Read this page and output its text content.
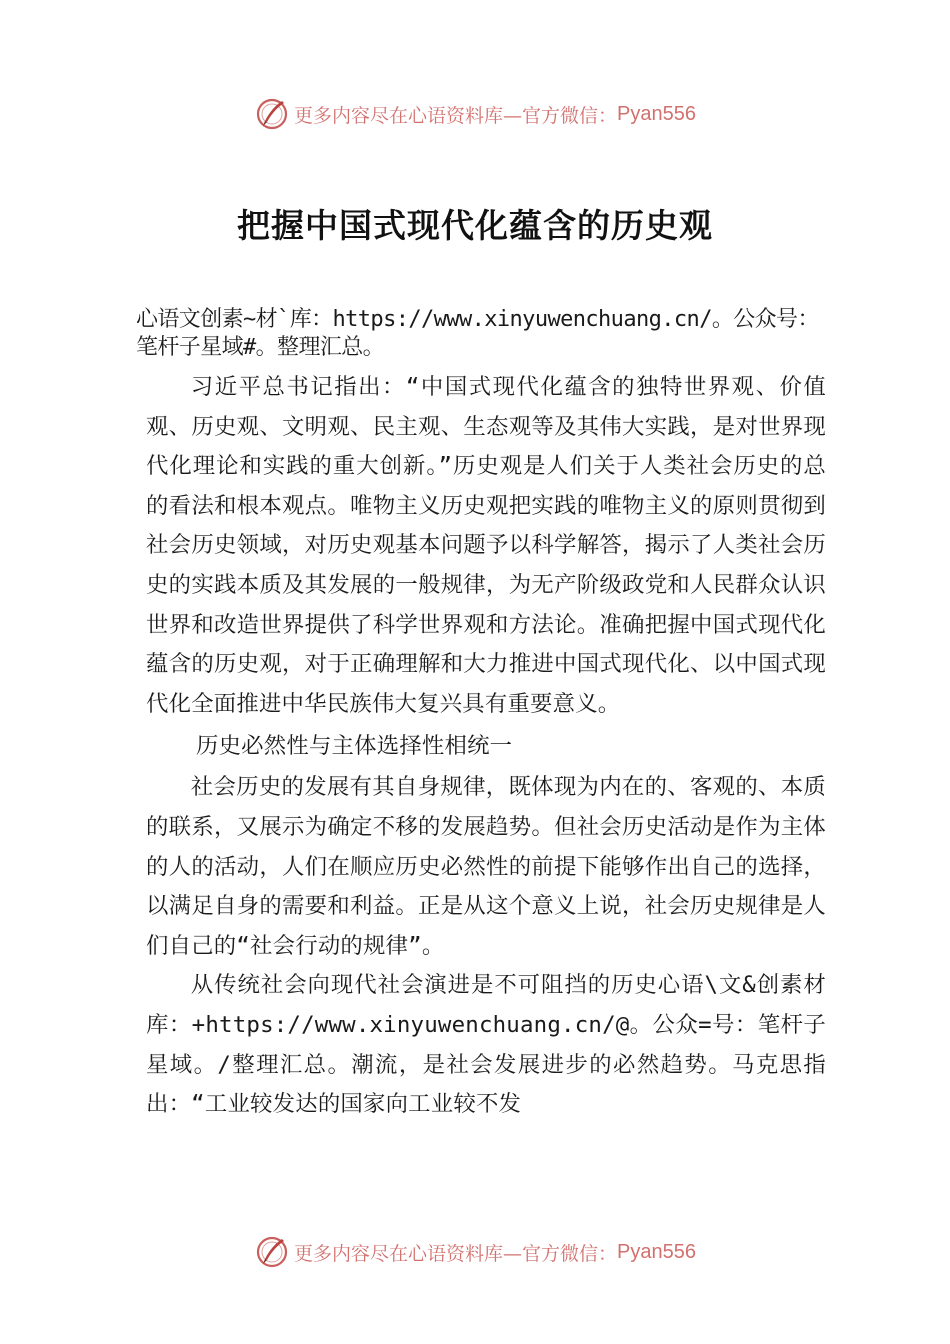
更多内容尽在心语资料库—官方微信： Pyan556
把握中国式现代化蕴含的历史观

心语文创素~材`库：https://www.xinyuwenchuang.cn/。公众号：笔杆子星域#。整理汇总。

习近平总书记指出：“中国式现代化蕴含的独特世界观、价值观、历史观、文明观、民主观、生态观等及其伟大实践，是对世界现代化理论和实践的重大创新。”历史观是人们关于人类社会历史的总的看法和根本观点。唯物主义历史观把实践的唯物主义的原则贯彻到社会历史领域，对历史观基本问题予以科学解答，揭示了人类社会历史的实践本质及其发展的一般规律，为无产阶级政党和人民群众认识世界和改造世界提供了科学世界观和方法论。准确把握中国式现代化蕴含的历史观，对于正确理解和大力推进中国式现代化、以中国式现代化全面推进中华民族伟大复兴具有重要意义。

历史必然性与主体选择性相统一

社会历史的发展有其自身规律，既体现为内在的、客观的、本质的联系，又展示为确定不移的发展趋势。但社会历史活动是作为主体的人的活动，人们在顺应历史必然性的前提下能够作出自己的选择，以满足自身的需要和利益。正是从这个意义上说，社会历史规律是人们自己的“社会行动的规律”。

从传统社会向现代社会演进是不可阻挡的历史心语\文&创素材库：+https://www.xinyuwenchuang.cn/@。公众=号：笔杆子星域。/整理汇总。潮流，是社会发展进步的必然趋势。马克思指出：“工业较发达的国家向工业较不发

更多内容尽在心语资料库—官方微信： Pyan556
